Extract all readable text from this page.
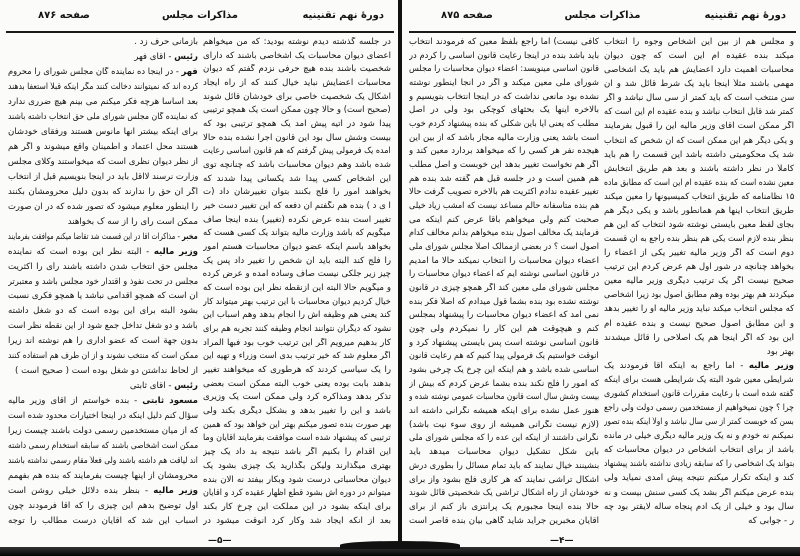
دورهٔ نهم تقنینیه
مذاکرات مجلس
صفحه ۸۷۶
در جلسه گذشته دیدم نوشته بودید: که من میخواهم
اعضای دیوان محاسبات یک اشخاصی باشند که دارای
شخصیت باشند بنده هیچ حرفی نزدم گفتم که دیوان
محاسبات اعضایش نباید خیال کنند که از راه ایجاد
اشکال یک شخصیت خاصی برای خودشان قائل شوند
(صحیح است) و حالا چون ممکن است یک همچو ترتیبی
پیدا شود در آتیه پیش آمد یک همچو ترتیبی بود که
بیست وشش سال بود این قانون اجرا نشده بنده حالا
آمده یک فرمولی پیش گرفتم که هم قانون اساسی رعایت
شده باشد وهم دیوان محاسبات باشد که چنانچه توی
این اشخاص کسی پیدا شد یکسانی پیدا شدند که
بخواهند امور را فلج بکنند بتوان تغییرشان داد (ت
ا ی د ) بنده هم نگفتم آن دفعه که این تغییر دست خیر
تغییر است بنده عرض نکرده (تغییر) بنده اینجا صاف
میگویم که باشد وزارت مالیه بتواند یک کسی هست که
بخواهد باسم اینکه عضو دیوان محاسبات هستم امور
را فلج کند البته باید آن شخص را تغییر داد پس یک
چیز زیر جلکی نیست صاف وساده آمده و عرض کرده
و میگویم حالا البته این ازنقطه نظر این بوده است که
خیال کردیم دیوان محاسبات با این ترتیب بهتر میتواند کار
کند یعنی هم وظیفه اش را انجام بدهد وهم اسباب این
نشود که دیگران نتوانند انجام وظیفه کنند تجربه هم برای
کار بدهیم میرویم اگر این ترتیب خوب بود فبها المراد
اگر معلوم شد که خیر ترتیب بدی است وزراء و تهیه این
را یک سیاسی کردند که هرطوری که میخواهند تغییر
بدهند بابت بوده یعنی خوب البته ممکن است بعضی
تذکر بدهد ومذاکره کرد ولی ممکن است یک وزیری
باشد و این را تغییر بدهد و بشکل دیگری بکند ولی
بهر صورت بنده تصور میکنم بهتر این خواهد بود که همین
ترتیبی که پیشنهاد شده است موافقت بفرمایند آقایان وما
این اقدام را بکنیم اگر باشد نتیجه بد داد یک چیز
بهتری میگذارند ولیکن بگذارید یک چیزی بشود یک
دیوان محاسباتی درست شود وبکار بیفتد نه الان بنده
میتوانم در دوره اش بشود قطع اظهار عقیده کرد و آقایان
برای اینکه بشود در این مملکت این چرخ کار بکند
بعد از آنکه ایجاد شد وکار کرد آنوقت میشود در
بازمانی حرف زد .
رئیس - آقای فهر
فهر - در اینجا ده نماینده گان مجلس شورای را محروم
کرده اند که نمیتوانند دخالت کنند مگر اینکه قبلاً استعفا بدهند
بعد اساساً هرچه فکر میکنم می بینم هیچ ضرری ندارد
که نماینده گان مجلس شورای ملی حق انتخاب داشته باشند
برای اینکه بیشتر آنها مأنوس هستند ورفقای خودشان
هستند محل اعتماد و اطمینان واقع میشوند و اگر هم
از نظر دیوان نظری است که میخواستند وکلای مجلس
وزارت نرسند لااقل باید در اینجا بنویسیم قبل از انتخاب
اگر آن حق را ندارند که بدون دلیل محرومشان بکنند
را اینطور معلوم میشود که تصور شده که در آن صورت
ممکن است رأی را از سه ک بخواهند
مخبر - مذاکرات آقا در این قسمت شد تقاضا میکنم موافقت بفرمایند
وزیر مالیه - البته نظر این بوده است که نماینده
مجلس حق انتخاب شدن داشته باشند رأی را اکثریت
مجلس در تحت نفوذ و اقتدار خود مجلس باشد و معتبرتر
آن است که همچو اقدامی نباشد یا همچو فکری نسبت
بشود البته برای این بوده است که دو شغل داشته
باشد و دو شغل تداخل جمع شود از این نقطه نظر است
بدون جهة است که عضو اداری را هم نوشته اند زیرا
ممکن است که منتخب نشوند و از آن طرف هم استفاده کنند
از لحاظ نداشتن دو شغل بوده است ( صحیح است )
رئیس - آقای ثابتی
مسعود ثابتی - بنده خواستم از آقای وزیر مالیه
سؤال کنم دلیل اینکه در اینجا اختیارات محدود شده است
که از میان مستخدمین رسمی دولت باشند چیست زیرا
ممکن است اشخاصی باشند که سابقه استخدام رسمی داشته
اند لیاقت هم داشته باشند ولی فعلاً مقام رسمی نداشته باشند
محرومشان از اینها چیست بفرمایند که بنده هم بفهمم
وزیر مالیه - بنظر بنده دلائل خیلی روشن است
اول توضیح بدهم این چیزی را که آقا فرمودند چون
اسباب این شد که آقایان درست مطالب را توجه
—۵—
دورهٔ نهم تقنینیه
مذاکرات مجلس
صفحه ۸۷۵
و مجلس هم از بین این اشخاص وجوه را انتخاب
میکند بنده عقیده ام این است که چون دیوان
محاسبات اهمیت دارد اعضایش هم باید یک اشخاصی
مهمی باشند مثلاً اینجا باید یک شرط قائل شد و آن
سن منتخب است که باید کمتر از سی سال نباشد و اگر
کمتر شد قابل انتخاب نباشد و بنده عقیده ام این است که
اگر ممکن است آقای وزیر مالیه این را قبول بفرمایند
و یکی دیگر هم این ممکن است که آن شخص که انتخاب
شد یک محکومیتی داشته باشد این قسمت را هم باید
کاملاً در نظر داشته باشند و بعد هم طریق انتخابش
معین نشده است که بنده عقیده ام این است که مطابق ماده
۱۵ نظامنامه که طریق انتخاب کمیسیونها را معین میکند
طریق انتخاب اینها هم همانطور باشد و یکی دیگر هم
بجای لفظ معین بایستی نوشته شود انتخاب که این هم
بنظر بنده لازم است یکی هم بنظر بنده راجع به آن قسمت
دوم است که اگر وزیر مالیه تغییر یکی از اعضاء را
بخواهد چنانچه در شور اول هم عرض کردم این ترتیب
صحیح نیست اگر یک ترتیب دیگری وزیر مالیه معین
میکردند هم بهتر بوده وهم مطابق اصول بود زیرا اشخاصی
که مجلس انتخاب میکند نباید وزیر مالیه او را تغییر بدهد
و این مطابق اصول صحیح نیست و بنده عقیده ام
این بود که اگر اینجا هم یک اصلاحی را قائل میشدند
بهتر بود
وزیر مالیه - اما راجع به اینکه آقا فرمودند یک
شرایطی معین شود البته یک شرایطی هست برای اینکه
گفته شده است با رعایت مقررات قانون استخدام کشوری
چرا ؟ چون نمیخواهیم از مستخدمین رسمی دولت ولی راجع
بسن که خوبست کمتر از سی سال نباشد و اولاً اینکه بنده تصور
نمیکنم نه خودم و نه یک وزیر مالیه دیگری خیلی در مانده
باشد از برای انتخاب اشخاص در دیوان محاسبات که
بتواند یک اشخاصی را که سابقه زیادی نداشته باشند پیشنهاد
کند و اینکه تکرار میکنم نتیجه پیش آمدی نمیاید ولی
بنده عرض میکنم اگر بشد یک کسی سنش بیست و نه
سال بود و خیلی از یک آدم پنجاه ساله لایقتر بود چه
ر - جوابی که
کافی نیست) اما راجع بلفظ معین که فرمودند انتخاب
باید باشد بنده در اینجا رعایت قانون اساسی را کردم در
قانون اساسی مینویسد: اعضاء دیوان محاسبات را مجلس
شورای ملی معین میکند و اگر در آنجا اینطور نوشته
نشده بود مانعی نداشت که در اینجا انتخاب بنویسیم و
بالاخره اینها یک بحثهای کوچکی بود ولی در اصل
مطلب که یعنی آیا باین شکلی که بنده پیشنهاد کردم خوب
است باشد یعنی وزارت مالیه مجاز باشد که از بین این
هیجده نفر هر کسی را که میخواهد بردارد معین کند و
اگر هم نخواست تغییر بدهد این خوبست و اصل مطلب
هم همین است و در جلسه قبل هم گفته شد بنده هم
تغییر عقیده ندادم اکثریت هم بالاخره تصویب گرفت حالا
هم بنده متأسفانه حالم مساعد نیست که امشب زیاد خیلی
صحبت کنم ولی میخواهم بآقا عرض کنم اینکه می
فرمایند یک مخالف اصول بنده میخواهم بدانم مخالف کدام
اصول است ؟ در بعضی ازممالک اصلاً مجلس شورای ملی
اعضاء دیوان محاسبات را انتخاب نمیکند حالا ما آمدیم
در قانون اساسی نوشته ایم که اعضاء دیوان محاسبات را
مجلس شورای ملی معین کند اگر همچو چیزی در قانون
نوشته نشده بود بنده بشما قول میدادم که اصلاً فکر بنده
نمی آمد که اعضاء دیوان محاسبات را پیشنهاد بمجلس
کنم و هیچوقت هم این کار را نمیکردم ولی چون
قانون اساسی نوشته است پس بایستی پیشنهاد کرد و
آنوقت خواستیم یک فرمولی پیدا کنیم که هم رعایت قانون
اساسی شده باشد و هم اینکه این چرخ یک چرخی بشود
که امور را فلج نکند بنده بشما عرض کردم که بیش از
بیست وشش سال است قانون محاسبات عمومی نوشته شده و
هنوز عمل نشده برای اینکه همیشه نگرانی داشته اند
(لازم نیست نگرانی همیشه از روی سوء نیت باشد)
نگرانی داشتند از اینکه این عده را که مجلس شورای ملی
باین شکل تشکیل دیوان محاسبات میدهد باید
بنشینند خیال نمایند که باید تمام مسائل را بطوری درش
اشکال تراشی نمایند که هر کاری فلج بشود واز برای
خودشان از راه اشکال تراشی یک شخصیتی قائل شوند
حالا بنده اینجا مجبورم یک پرانتزی باز کنم از برای
آقایان مخبرین جراید شاید گاهی بیان بنده قاصر است
—۴—
